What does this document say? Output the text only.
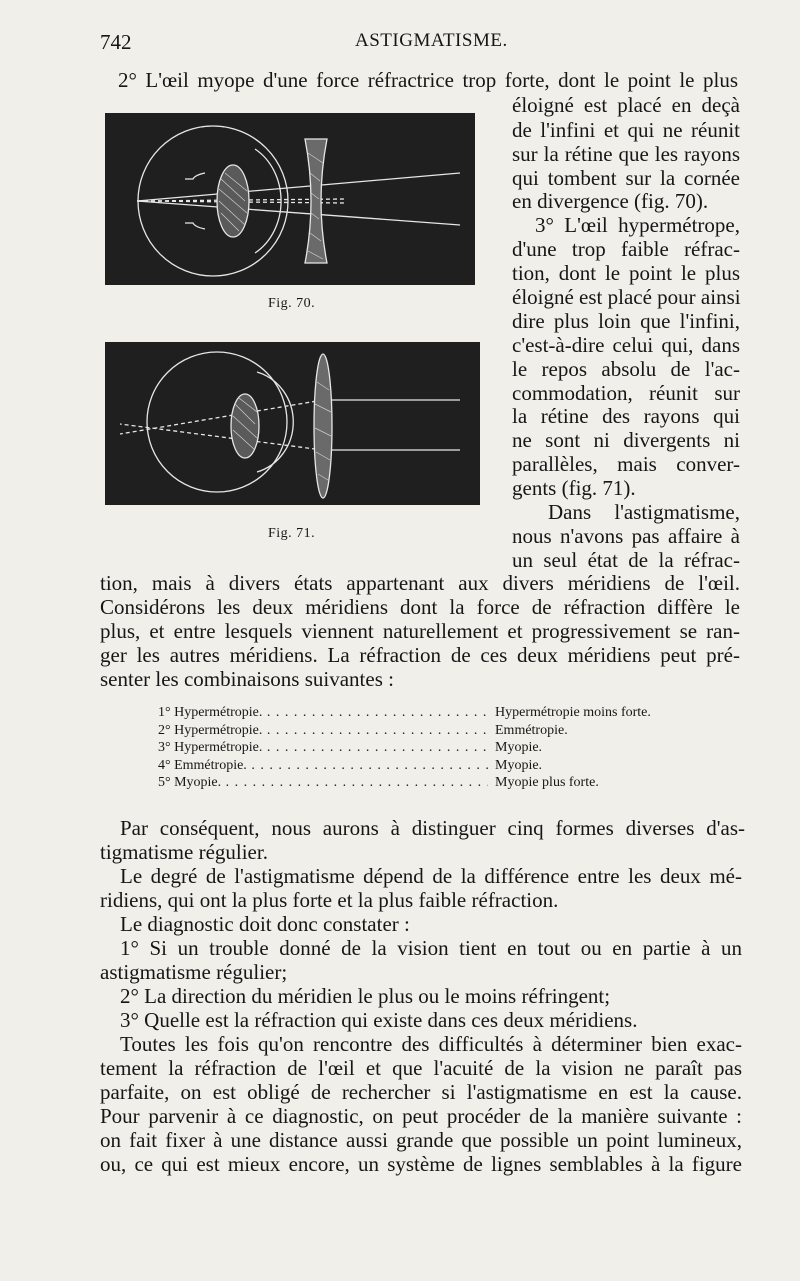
742	ASTIGMATISME.
Fig. 70.
Fig. 71.
2° L'œil myope d'une force réfractrice trop forte, dont le point le plus
éloigné est placé en deçà
de l'infini et qui ne réunit
sur la rétine que les rayons
qui tombent sur la cornée
en divergence (fig. 70).
3° L'œil hypermétrope,
d'une trop faible réfrac-
tion, dont le point le plus
éloigné est placé pour ainsi
dire plus loin que l'infini,
c'est-à-dire celui qui, dans
le repos absolu de l'ac-
commodation, réunit sur
la rétine des rayons qui
ne sont ni divergents ni
parallèles, mais conver-
gents (fig. 71).
Dans l'astigmatisme,
nous n'avons pas affaire à
un seul état de la réfrac-
tion, mais à divers états appartenant aux divers méridiens de l'œil.
Considérons les deux méridiens dont la force de réfraction diffère le
plus, et entre lesquels viennent naturellement et progressivement se ran-
ger les autres méridiens. La réfraction de ces deux méridiens peut pré-
senter les combinaisons suivantes :
1° Hypermétropie. . . .	Hypermétropie moins forte.
2° Hypermétropie. . . .	Emmétropie.
3° Hypermétropie. . . .	Myopie.
4° Emmétropie. . . .	Myopie.
5° Myopie. . . .	Myopie plus forte.
Par conséquent, nous aurons à distinguer cinq formes diverses d'as-
tigmatisme régulier.
Le degré de l'astigmatisme dépend de la différence entre les deux mé-
ridiens, qui ont la plus forte et la plus faible réfraction.
Le diagnostic doit donc constater :
1° Si un trouble donné de la vision tient en tout ou en partie à un
astigmatisme régulier;
2° La direction du méridien le plus ou le moins réfringent;
3° Quelle est la réfraction qui existe dans ces deux méridiens.
Toutes les fois qu'on rencontre des difficultés à déterminer bien exac-
tement la réfraction de l'œil et que l'acuité de la vision ne paraît pas
parfaite, on est obligé de rechercher si l'astigmatisme en est la cause.
Pour parvenir à ce diagnostic, on peut procéder de la manière suivante :
on fait fixer à une distance aussi grande que possible un point lumineux,
ou, ce qui est mieux encore, un système de lignes semblables à la figure
